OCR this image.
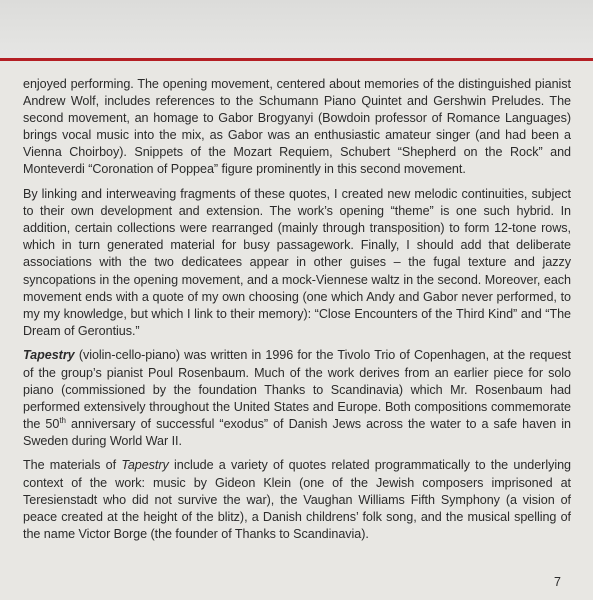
enjoyed performing. The opening movement, centered about memories of the distinguished pianist Andrew Wolf, includes references to the Schumann Piano Quintet and Gershwin Preludes. The second movement, an homage to Gabor Brogyanyi (Bowdoin professor of Romance Languages) brings vocal music into the mix, as Gabor was an enthusiastic amateur singer (and had been a Vienna Choirboy). Snippets of the Mozart Requiem, Schubert “Shepherd on the Rock” and Monteverdi “Coronation of Poppea” figure prominently in this second movement.

By linking and interweaving fragments of these quotes, I created new melodic continuities, subject to their own development and extension. The work’s opening “theme” is one such hybrid. In addition, certain collections were rearranged (mainly through transposition) to form 12-tone rows, which in turn generated material for busy passagework. Finally, I should add that deliberate associations with the two dedicatees appear in other guises – the fugal texture and jazzy syncopations in the opening movement, and a mock-Viennese waltz in the second. Moreover, each movement ends with a quote of my own choosing (one which Andy and Gabor never performed, to my my knowledge, but which I link to their memory): “Close Encounters of the Third Kind” and “The Dream of Gerontius.”

Tapestry (violin-cello-piano) was written in 1996 for the Tivolo Trio of Copenhagen, at the request of the group’s pianist Poul Rosenbaum. Much of the work derives from an earlier piece for solo piano (commissioned by the foundation Thanks to Scandinavia) which Mr. Rosenbaum had performed extensively throughout the United States and Europe. Both compositions commemorate the 50th anniversary of successful “exodus” of Danish Jews across the water to a safe haven in Sweden during World War II.

The materials of Tapestry include a variety of quotes related programmatically to the underlying context of the work: music by Gideon Klein (one of the Jewish composers imprisoned at Teresienstadt who did not survive the war), the Vaughan Williams Fifth Symphony (a vision of peace created at the height of the blitz), a Danish childrens’ folk song, and the musical spelling of the name Victor Borge (the founder of Thanks to Scandinavia).

7
